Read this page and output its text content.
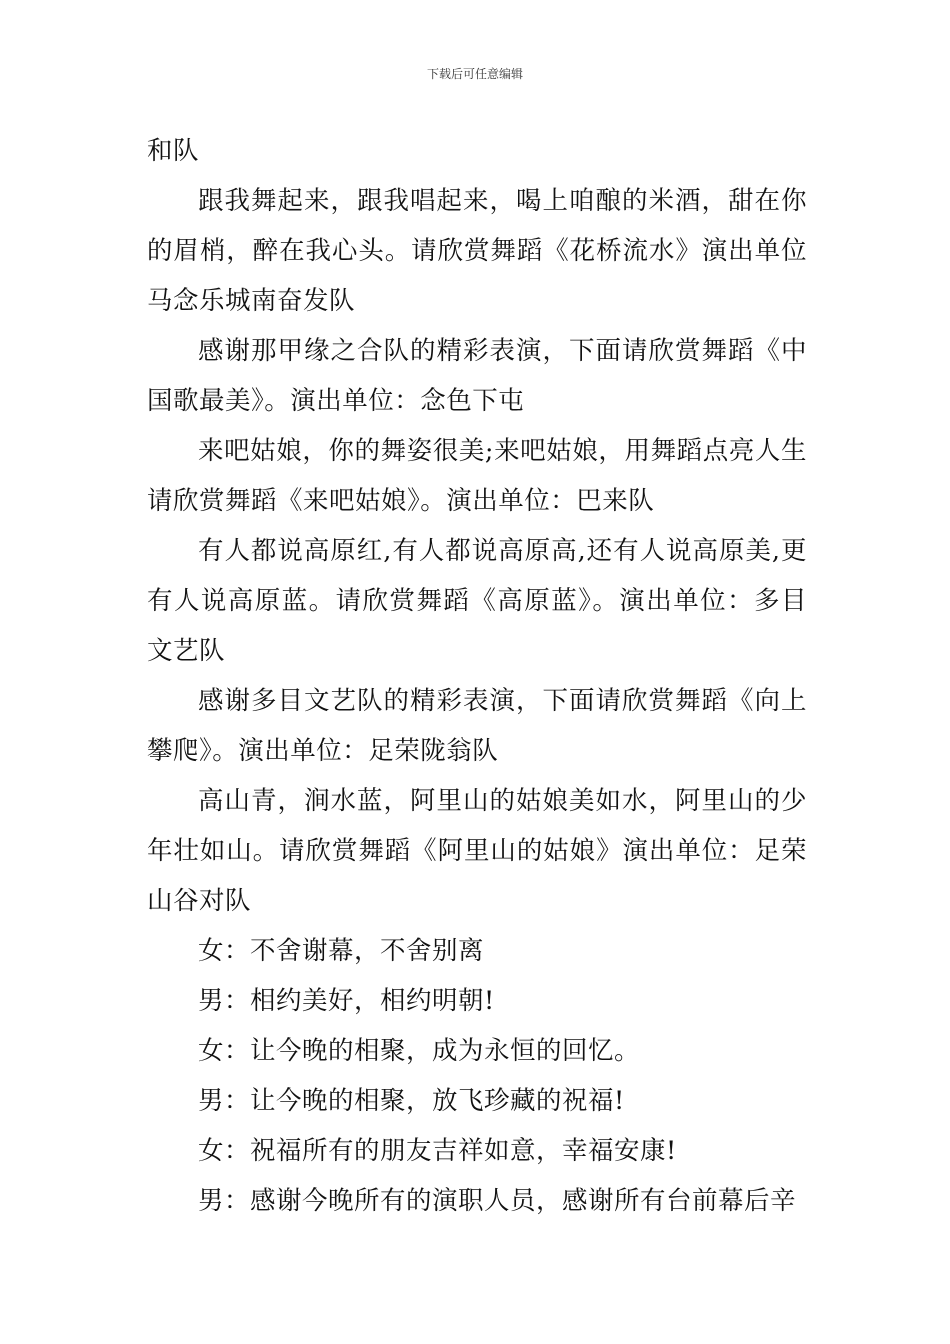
下载后可任意编辑

和队

跟我舞起来，跟我唱起来，喝上咱酿的米酒，甜在你的眉梢，醉在我心头。请欣赏舞蹈《花桥流水》演出单位马念乐城南奋发队

感谢那甲缘之合队的精彩表演，下面请欣赏舞蹈《中国歌最美》。演出单位：念色下屯

来吧姑娘，你的舞姿很美;来吧姑娘，用舞蹈点亮人生请欣赏舞蹈《来吧姑娘》。演出单位：巴来队

有人都说高原红,有人都说高原高,还有人说高原美,更有人说高原蓝。请欣赏舞蹈《高原蓝》。演出单位：多目文艺队

感谢多目文艺队的精彩表演，下面请欣赏舞蹈《向上攀爬》。演出单位：足荣陇翁队

高山青，涧水蓝，阿里山的姑娘美如水，阿里山的少年壮如山。请欣赏舞蹈《阿里山的姑娘》演出单位：足荣山谷对队

女：不舍谢幕，不舍别离

男：相约美好，相约明朝!

女：让今晚的相聚，成为永恒的回忆。

男：让今晚的相聚，放飞珍藏的祝福!

女：祝福所有的朋友吉祥如意，幸福安康!

男：感谢今晚所有的演职人员，感谢所有台前幕后辛
